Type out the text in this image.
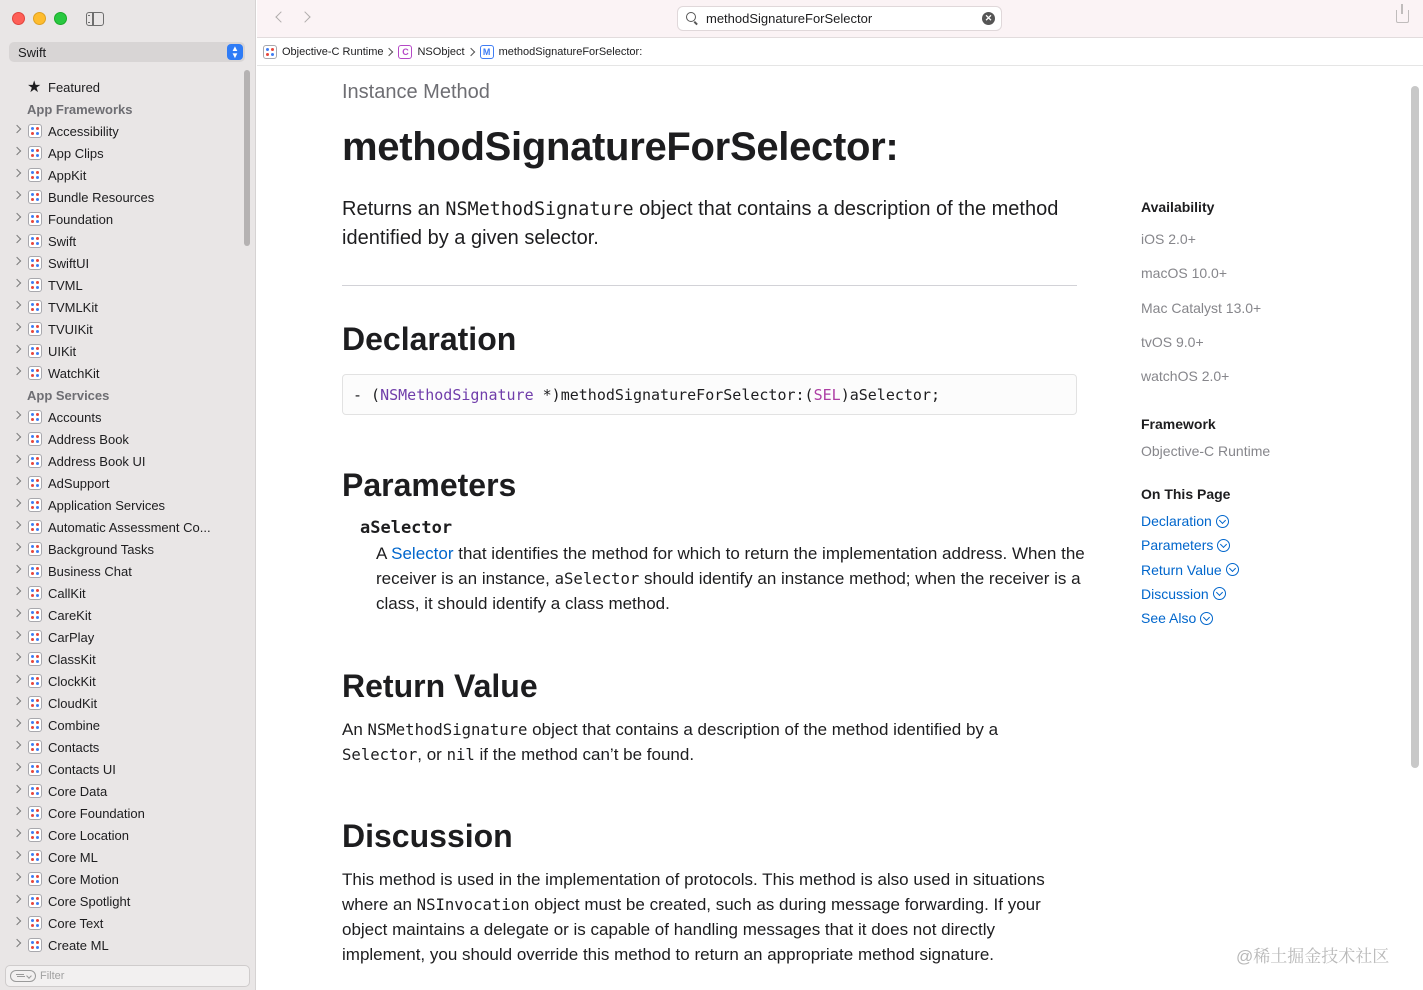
Swift	▲
▼
★ Featured
App Frameworks
Accessibility
App Clips
AppKit
Bundle Resources
Foundation
Swift
SwiftUI
TVML
TVMLKit
TVUIKit
UIKit
WatchKit
App Services
Accounts
Address Book
Address Book UI
AdSupport
Application Services
Automatic Assessment Co...
Background Tasks
Business Chat
CallKit
CareKit
CarPlay
ClassKit
ClockKit
CloudKit
Combine
Contacts
Contacts UI
Core Data
Core Foundation
Core Location
Core ML
Core Motion
Core Spotlight
Core Text
Create ML
Filter
methodSignatureForSelector	✕
Objective-C Runtime	C NSObject	M methodSignatureForSelector:
Instance Method
methodSignatureForSelector:

Returns an NSMethodSignature object that contains a description of the method identified by a given selector.

Declaration
- (NSMethodSignature *)methodSignatureForSelector:(SEL)aSelector;
Parameters
aSelector

A Selector that identifies the method for which to return the implementation address. When the receiver is an instance, aSelector should identify an instance method; when the receiver is a class, it should identify a class method.

Return Value

An NSMethodSignature object that contains a description of the method identified by a Selector, or nil if the method can’t be found.

Discussion

This method is used in the implementation of protocols. This method is also used in situations where an NSInvocation object must be created, such as during message forwarding. If your object maintains a delegate or is capable of handling messages that it does not directly implement, you should override this method to return an appropriate method signature.

Availability
Framework
Objective-C Runtime
On This Page
iOS 2.0+
macOS 10.0+
Mac Catalyst 13.0+
tvOS 9.0+
watchOS 2.0+
Declaration
Parameters
Return Value
Discussion
See Also
@稀土掘金技术社区
